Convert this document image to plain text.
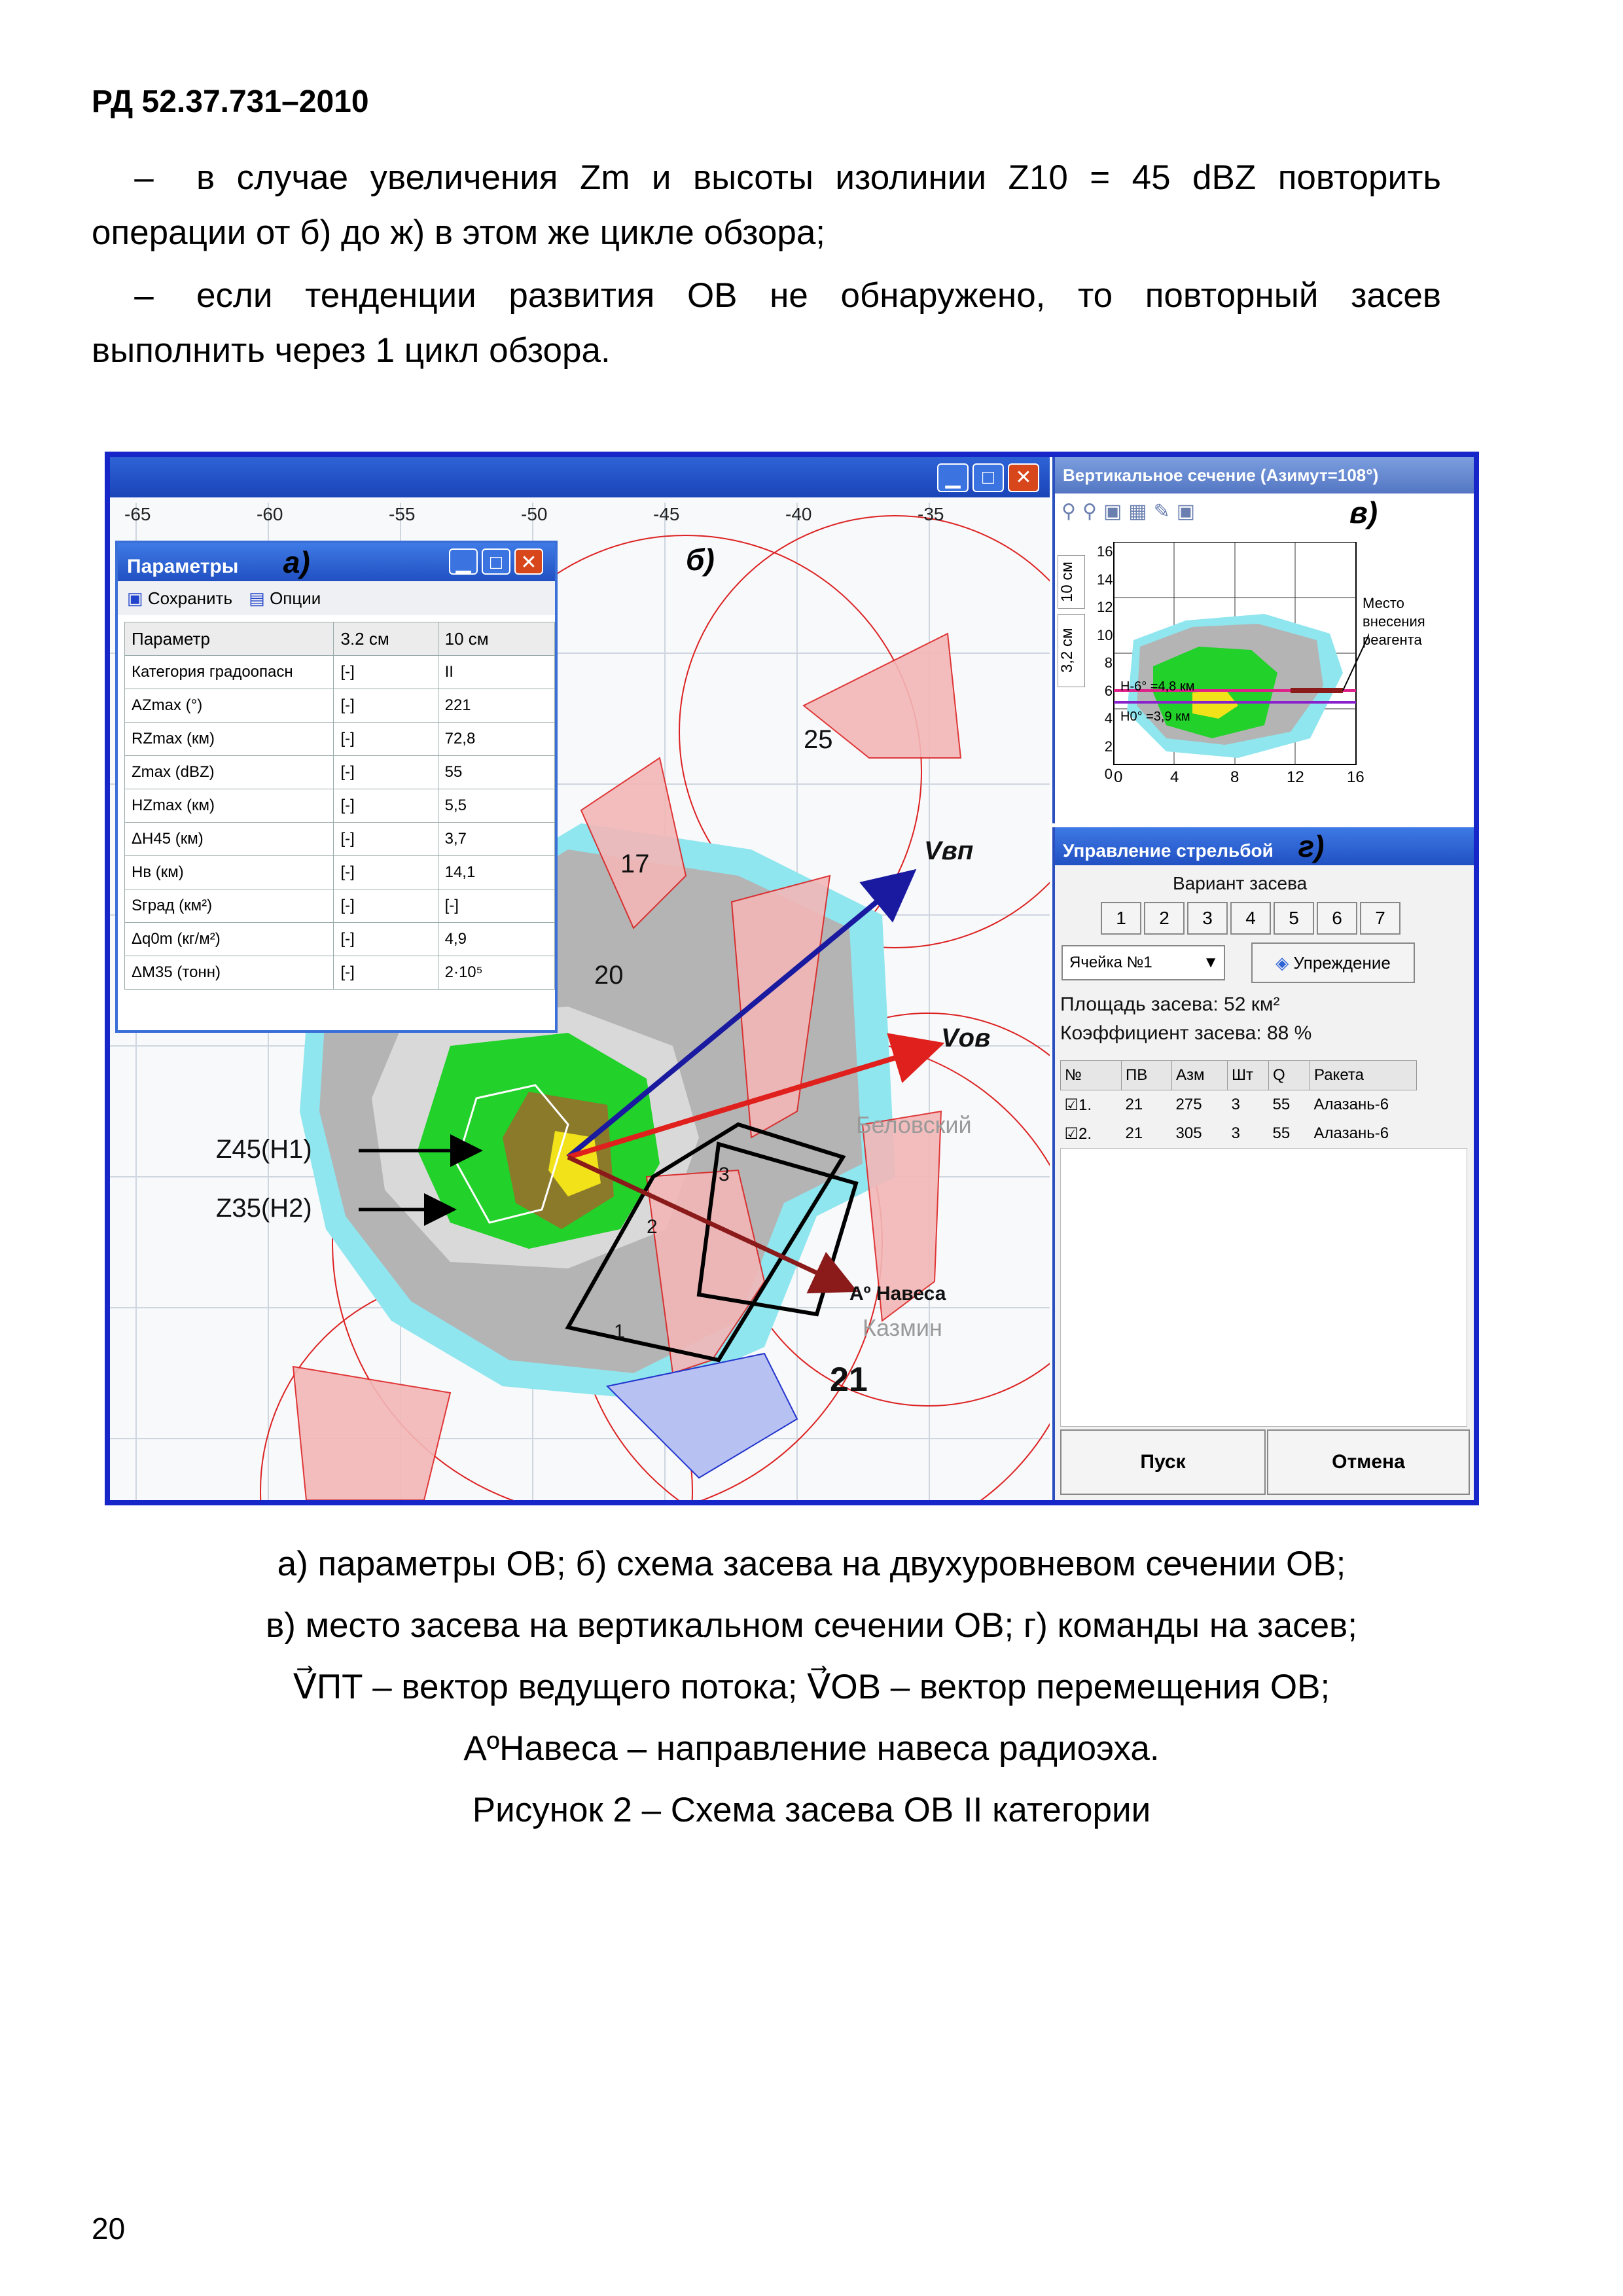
РД 52.37.731–2010
– в случае увеличения Zm и высоты изолинии Z10 = 45 dBZ повторить операции от б) до ж) в этом же цикле обзора;
– если тенденции развития ОВ не обнаружено, то повторный засев выполнить через 1 цикл обзора.
▁	□	✕
-65	-60	-55	-50	-45	-40	-35
б)
17
20
25
21
Vвп
Vов
Aº Навеса
Z45(H1)
Z35(H2)
Беловский
Казмин
1
2
3
Параметры а)	▁ □ ✕
▣ Сохранить ▤ Опции
Параметр	3.2 см	10 см
Категория градоопасн	[-]	II
AZmax (°)	[-]	221
RZmax (км)	[-]	72,8
Zmax (dBZ)	[-]	55
HZmax (км)	[-]	5,5
ΔH45 (км)	[-]	3,7
Hв (км)	[-]	14,1
Sград (км²)	[-]	[-]
Δq0m (кг/м²)	[-]	4,9
ΔM35 (тонн)	[-]	2·10⁵
Вертикальное сечение (Азимут=108°)
⚲⚲▣▦✎▣	в)
10 см
3,2 см
16
14
12
10
8
6
4
2
0 0	4	8	12	16
H-6° =4,8 км
H0° =3,9 км
Место внесения реагента
Управление стрельбой г)
Вариант засева
1	2	3	4	5	6	7
Ячейка №1	▼	◈ Упреждение
Площадь засева: 52 км²
Коэффициент засева: 88 %
№	ПВ	Азм	Шт	Q	Ракета
☑1.	21	275	3	55	Алазань-6
☑2.	21	305	3	55	Алазань-6

Пуск	Отмена
а) параметры ОВ; б) схема засева на двухуровневом сечении ОВ;
в) место засева на вертикальном сечении ОВ; г) команды на засев;
V⃗ПТ – вектор ведущего потока; V⃗ОВ – вектор перемещения ОВ;
AºНавеса – направление навеса радиоэха.
Рисунок 2 – Схема засева ОВ II категории
20
